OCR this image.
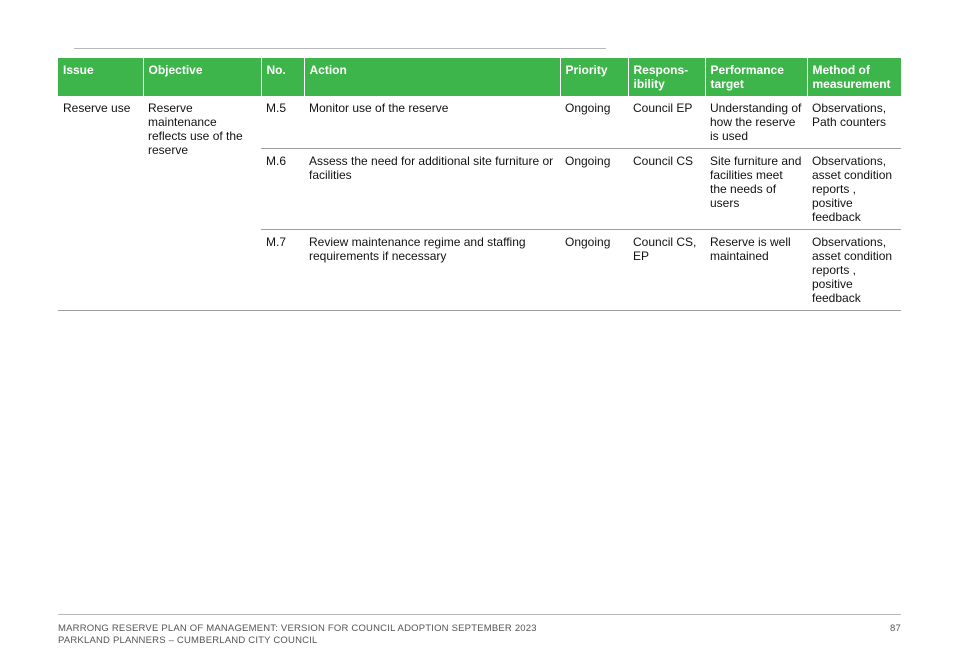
Issue	Objective	No.	Action	Priority	Respons-ibility	Performance target	Method of measurement
Reserve use	Reserve maintenance reflects use of the reserve	M.5	Monitor use of the reserve	Ongoing	Council EP	Understanding of how the reserve is used	Observations, Path counters
		M.6	Assess the need for additional site furniture or facilities	Ongoing	Council CS	Site furniture and facilities meet the needs of users	Observations, asset condition reports , positive feedback
		M.7	Review maintenance regime and staffing requirements if necessary	Ongoing	Council CS, EP	Reserve is well maintained	Observations, asset condition reports , positive feedback
MARRONG RESERVE PLAN OF MANAGEMENT: VERSION FOR COUNCIL ADOPTION SEPTEMBER 2023
PARKLAND PLANNERS – CUMBERLAND CITY COUNCIL
87
